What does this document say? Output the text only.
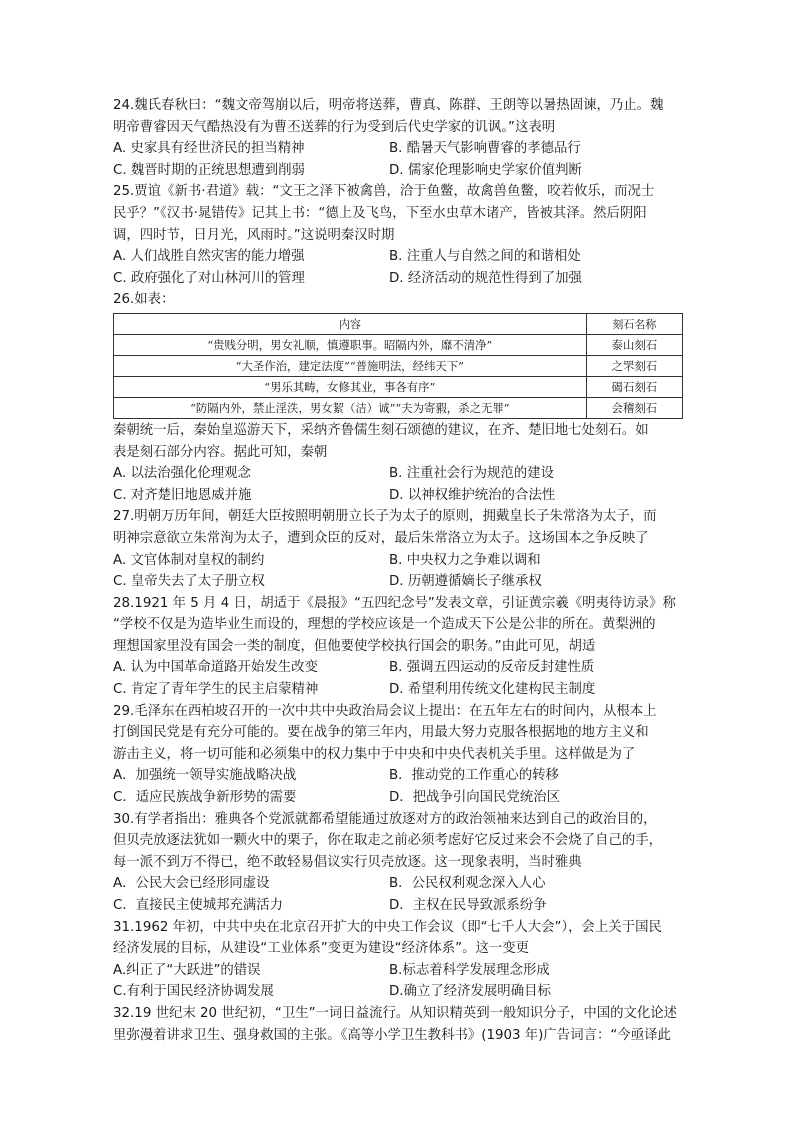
24.魏氏春秋曰：“魏文帝驾崩以后，明帝将送葬，曹真、陈群、王朗等以暑热固谏，乃止。魏
明帝曹睿因天气酷热没有为曹丕送葬的行为受到后代史学家的讥讽。”这表明
A. 史家具有经世济民的担当精神	B. 酷暑天气影响曹睿的孝德品行
C. 魏晋时期的正统思想遭到削弱	D. 儒家伦理影响史学家价值判断
25.贾谊《新书·君道》载：“文王之泽下被禽兽，洽于鱼鳖，故禽兽鱼鳖，咬若攸乐，而况士
民乎？”《汉书·晁错传》记其上书：“德上及飞鸟，下至水虫草木诸产，皆被其泽。然后阴阳
调，四时节，日月光，风雨时。”这说明秦汉时期
A. 人们战胜自然灾害的能力增强	B. 注重人与自然之间的和谐相处
C. 政府强化了对山林河川的管理	D. 经济活动的规范性得到了加强
26.如表：
内容	刻石名称
“贵贱分明，男女礼顺，慎遵职事。昭隔内外，靡不清净”	泰山刻石
“大圣作治，建定法度”“普施明法，经纬天下”	之罘刻石
“男乐其畴，女修其业，事各有序”	碣石刻石
“防隔内外，禁止淫泆，男女絜（洁）诚”“夫为寄豭，杀之无罪”	会稽刻石
秦朝统一后，秦始皇巡游天下，采纳齐鲁儒生刻石颂德的建议，在齐、楚旧地七处刻石。如
表是刻石部分内容。据此可知，秦朝
A. 以法治强化伦理观念	B. 注重社会行为规范的建设
C. 对齐楚旧地恩威并施	D. 以神权维护统治的合法性
27.明朝万历年间，朝廷大臣按照明朝册立长子为太子的原则，拥戴皇长子朱常洛为太子，而
明神宗意欲立朱常洵为太子，遭到众臣的反对，最后朱常洛立为太子。这场国本之争反映了
A. 文官体制对皇权的制约	B. 中央权力之争难以调和
C. 皇帝失去了太子册立权	D. 历朝遵循嫡长子继承权
28.1921 年 5 月 4 日，胡适于《晨报》“五四纪念号”发表文章，引证黄宗羲《明夷待访录》称
“学校不仅是为造毕业生而设的，理想的学校应该是一个造成天下公是公非的所在。黄梨洲的
理想国家里没有国会一类的制度，但他要使学校执行国会的职务。”由此可见，胡适
A. 认为中国革命道路开始发生改变	B. 强调五四运动的反帝反封建性质
C. 肯定了青年学生的民主启蒙精神	D. 希望利用传统文化建构民主制度
29.毛泽东在西柏坡召开的一次中共中央政治局会议上提出：在五年左右的时间内，从根本上
打倒国民党是有充分可能的。要在战争的第三年内，用最大努力克服各根据地的地方主义和
游击主义，将一切可能和必须集中的权力集中于中央和中央代表机关手里。这样做是为了
A．加强统一领导实施战略决战	B．推动党的工作重心的转移
C．适应民族战争新形势的需要	D．把战争引向国民党统治区
30.有学者指出：雅典各个党派就都希望能通过放逐对方的政治领袖来达到自己的政治目的，
但贝壳放逐法犹如一颗火中的栗子，你在取走之前必须考虑好它反过来会不会烧了自己的手，
每一派不到万不得已，绝不敢轻易倡议实行贝壳放逐。这一现象表明，当时雅典
A．公民大会已经形同虚设	B．公民权利观念深入人心
C．直接民主使城邦充满活力	D．主权在民导致派系纷争
31.1962 年初，中共中央在北京召开扩大的中央工作会议（即“七千人大会”），会上关于国民
经济发展的目标，从建设“工业体系”变更为建设“经济体系”。这一变更
A.纠正了“大跃进”的错误	B.标志着科学发展理念形成
C.有利于国民经济协调发展	D.确立了经济发展明确目标
32.19 世纪末 20 世纪初，“卫生”一词日益流行。从知识精英到一般知识分子，中国的文化论述
里弥漫着讲求卫生、强身救国的主张。《高等小学卫生教科书》(1903 年)广告词言：“今亟译此
